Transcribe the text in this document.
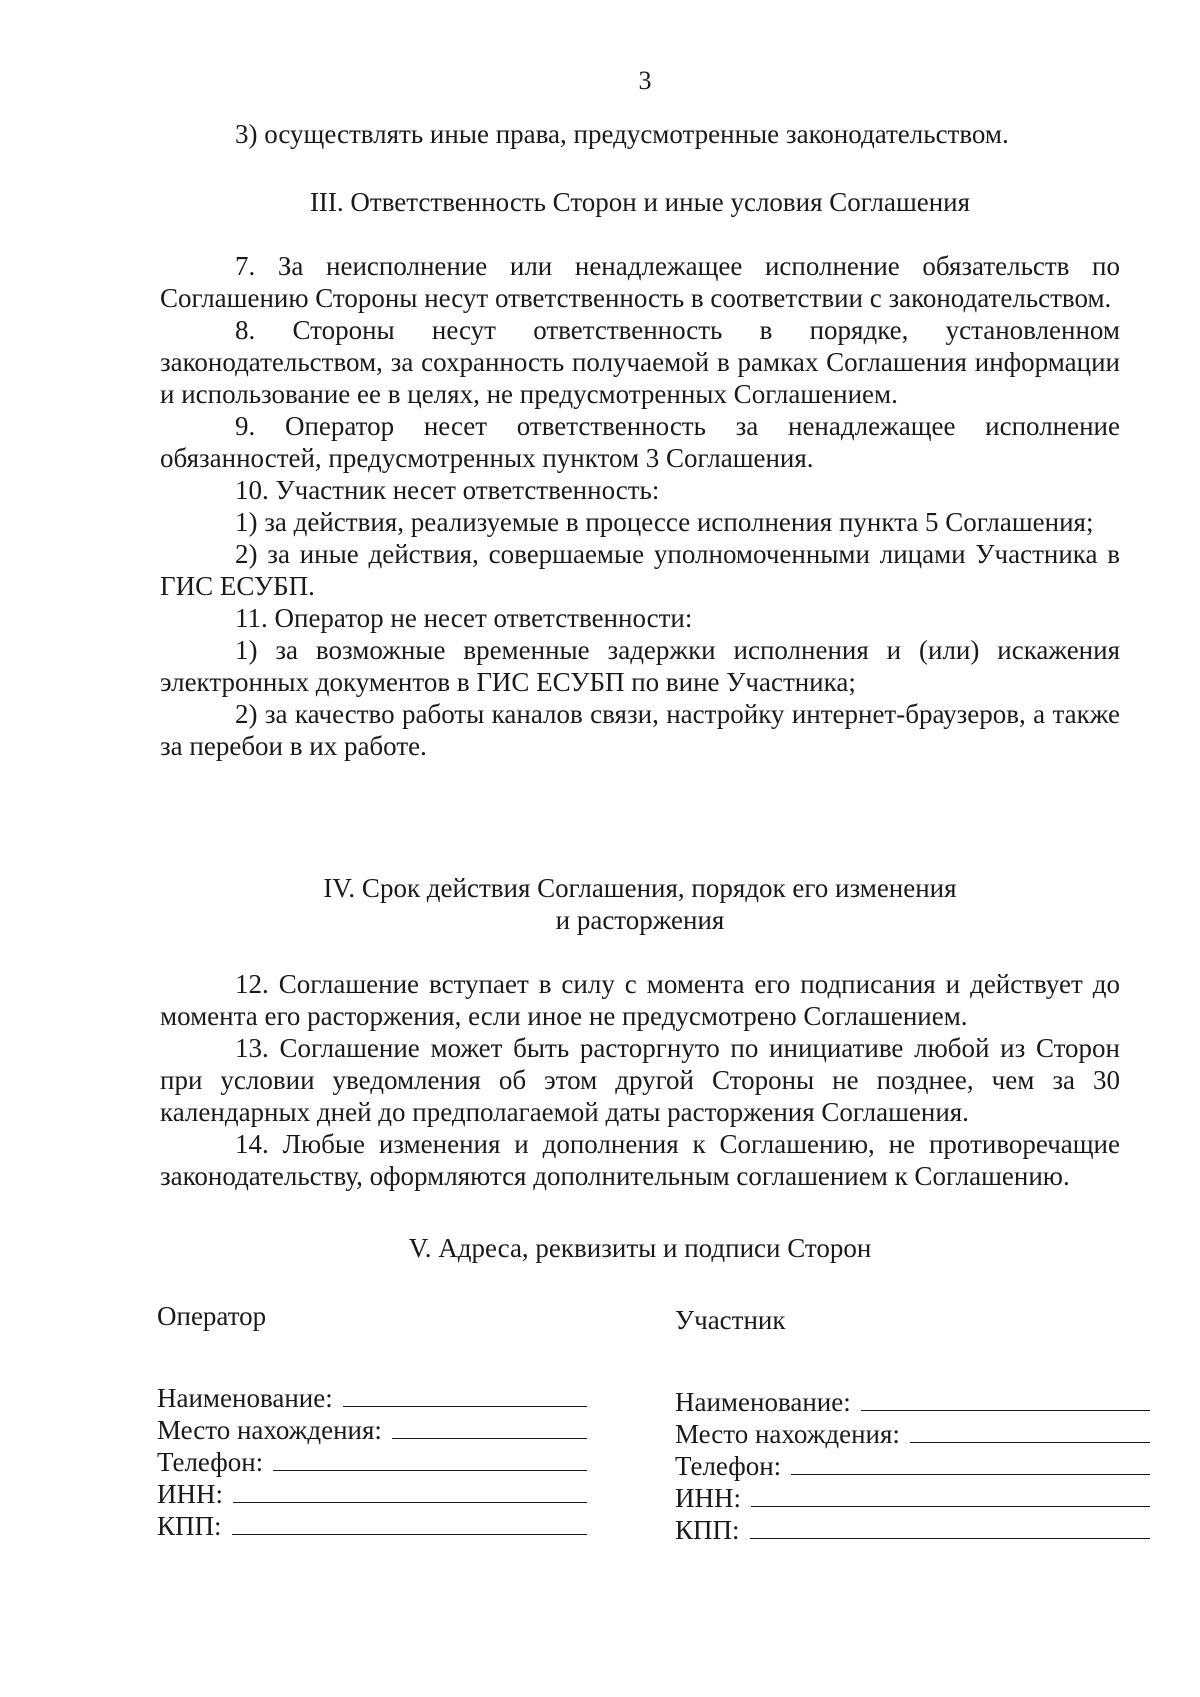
3

3) осуществлять иные права, предусмотренные законодательством.

III. Ответственность Сторон и иные условия Соглашения

7. За неисполнение или ненадлежащее исполнение обязательств по Соглашению Стороны несут ответственность в соответствии с законодательством.

8. Стороны несут ответственность в порядке, установленном законодательством, за сохранность получаемой в рамках Соглашения информации и использование ее в целях, не предусмотренных Соглашением.

9. Оператор несет ответственность за ненадлежащее исполнение обязанностей, предусмотренных пунктом 3 Соглашения.

10. Участник несет ответственность:

1) за действия, реализуемые в процессе исполнения пункта 5 Соглашения;

2) за иные действия, совершаемые уполномоченными лицами Участника в ГИС ЕСУБП.

11. Оператор не несет ответственности:

1) за возможные временные задержки исполнения и (или) искажения электронных документов в ГИС ЕСУБП по вине Участника;

2) за качество работы каналов связи, настройку интернет-браузеров, а также за перебои в их работе.

IV. Срок действия Соглашения, порядок его изменения

и расторжения

12. Соглашение вступает в силу с момента его подписания и действует до момента его расторжения, если иное не предусмотрено Соглашением.

13. Соглашение может быть расторгнуто по инициативе любой из Сторон при условии уведомления об этом другой Стороны не позднее, чем за 30 календарных дней до предполагаемой даты расторжения Соглашения.

14. Любые изменения и дополнения к Соглашению, не противоречащие законодательству, оформляются дополнительным соглашением к Соглашению.

V. Адреса, реквизиты и подписи Сторон

Оператор

Наименование:
Место нахождения:
Телефон:
ИНН:
КПП:

Участник

Наименование:
Место нахождения:
Телефон:
ИНН:
КПП:
